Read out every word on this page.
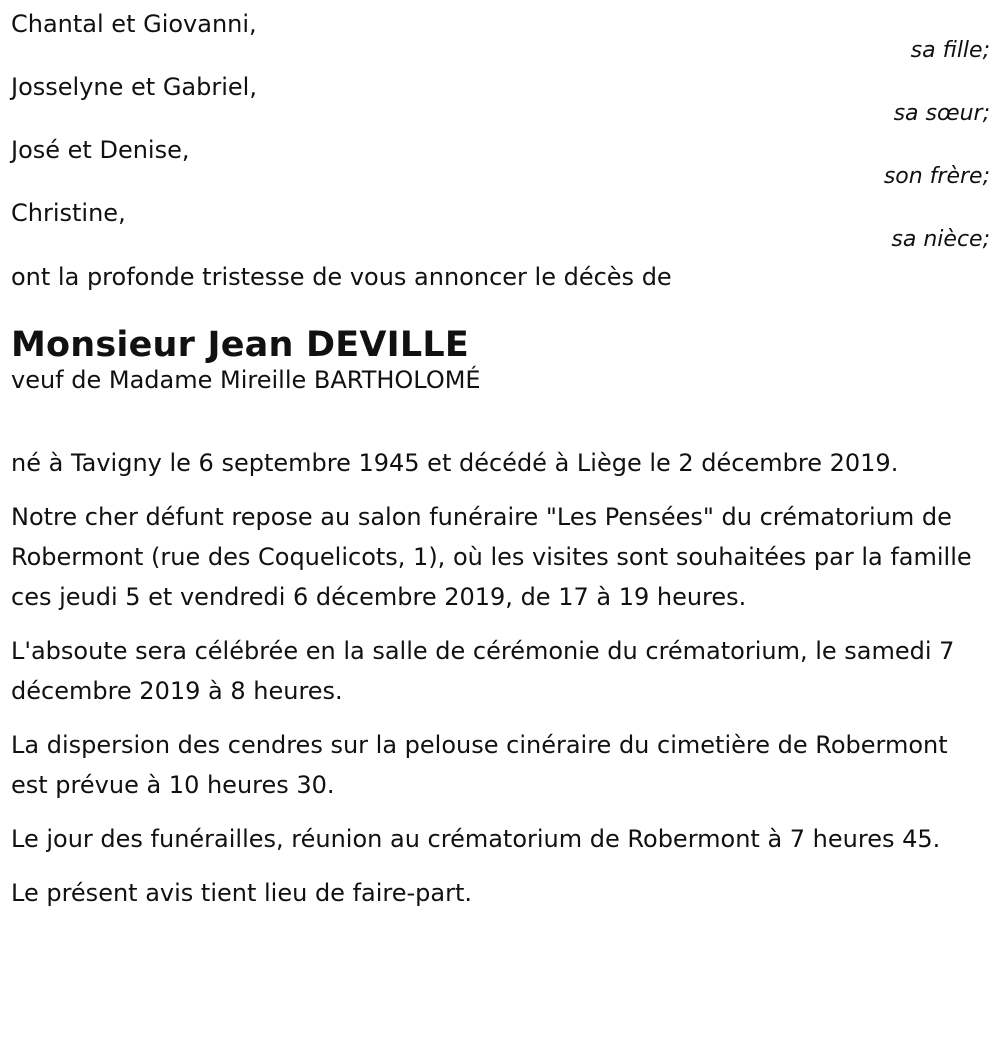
Chantal et Giovanni,

sa fille;

Josselyne et Gabriel,

sa sœur;

José et Denise,

son frère;

Christine,

sa nièce;

ont la profonde tristesse de vous annoncer le décès de

Monsieur Jean DEVILLE

veuf de Madame Mireille BARTHOLOMÉ

né à Tavigny le 6 septembre 1945 et décédé à Liège le 2 décembre 2019.

Notre cher défunt repose au salon funéraire "Les Pensées" du crématorium de Robermont (rue des Coquelicots, 1), où les visites sont souhaitées par la famille ces jeudi 5 et vendredi 6 décembre 2019, de 17 à 19 heures.

L'absoute sera célébrée en la salle de cérémonie du crématorium, le samedi 7 décembre 2019 à 8 heures.

La dispersion des cendres sur la pelouse cinéraire du cimetière de Robermont est prévue à 10 heures 30.

Le jour des funérailles, réunion au crématorium de Robermont à 7 heures 45.

Le présent avis tient lieu de faire-part.
